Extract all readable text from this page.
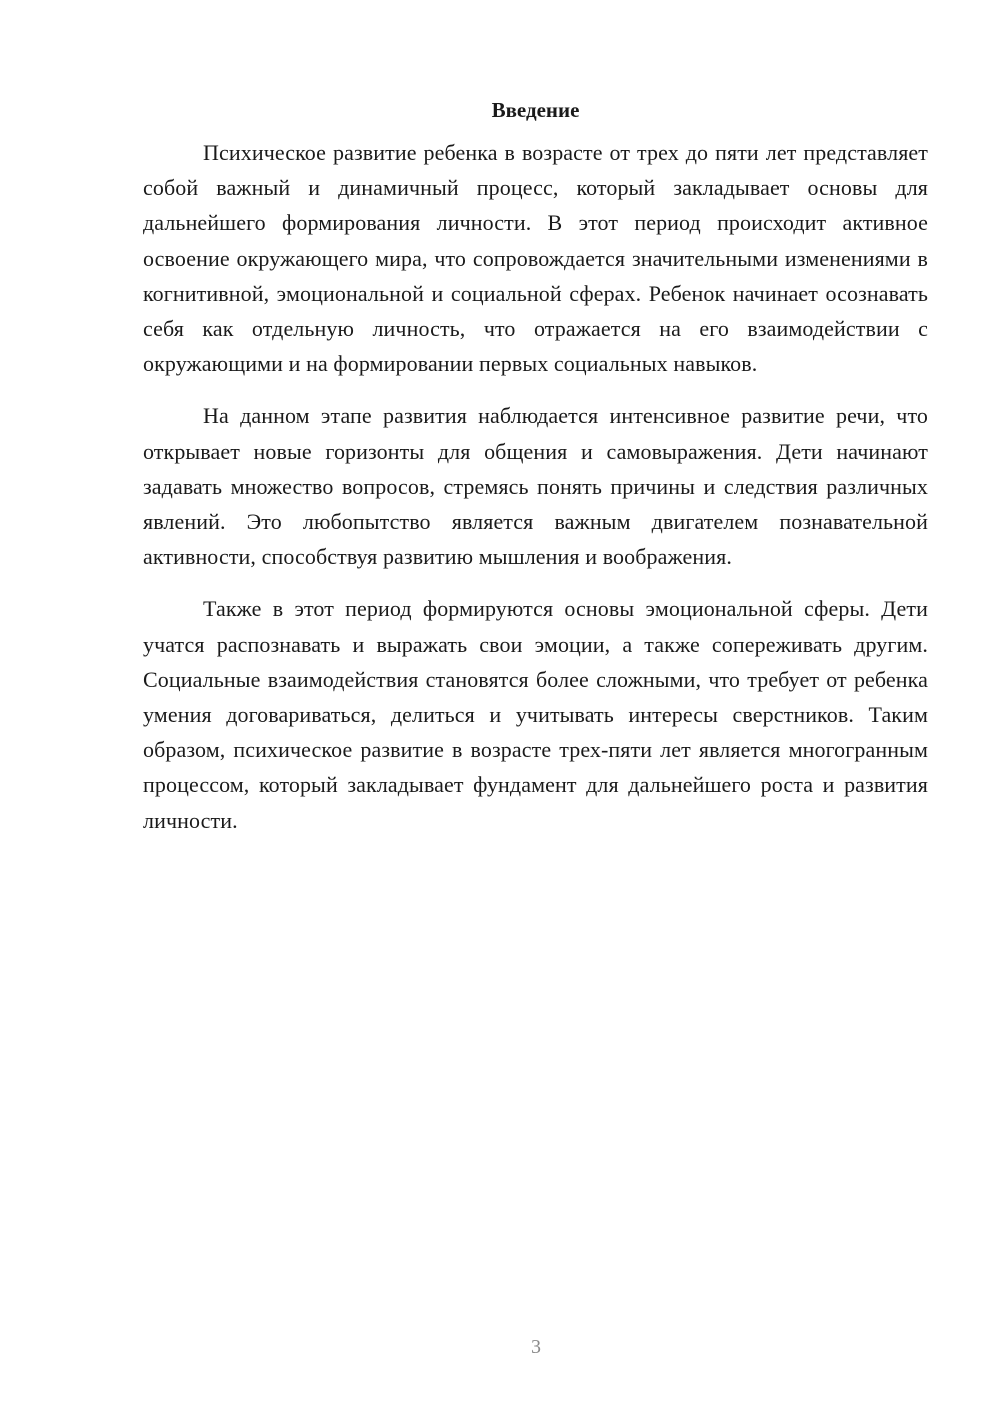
Введение

Психическое развитие ребенка в возрасте от трех до пяти лет представляет собой важный и динамичный процесс, который закладывает основы для дальнейшего формирования личности. В этот период происходит активное освоение окружающего мира, что сопровождается значительными изменениями в когнитивной, эмоциональной и социальной сферах. Ребенок начинает осознавать себя как отдельную личность, что отражается на его взаимодействии с окружающими и на формировании первых социальных навыков.

На данном этапе развития наблюдается интенсивное развитие речи, что открывает новые горизонты для общения и самовыражения. Дети начинают задавать множество вопросов, стремясь понять причины и следствия различных явлений. Это любопытство является важным двигателем познавательной активности, способствуя развитию мышления и воображения.

Также в этот период формируются основы эмоциональной сферы. Дети учатся распознавать и выражать свои эмоции, а также сопереживать другим. Социальные взаимодействия становятся более сложными, что требует от ребенка умения договариваться, делиться и учитывать интересы сверстников. Таким образом, психическое развитие в возрасте трех-пяти лет является многогранным процессом, который закладывает фундамент для дальнейшего роста и развития личности.

3
